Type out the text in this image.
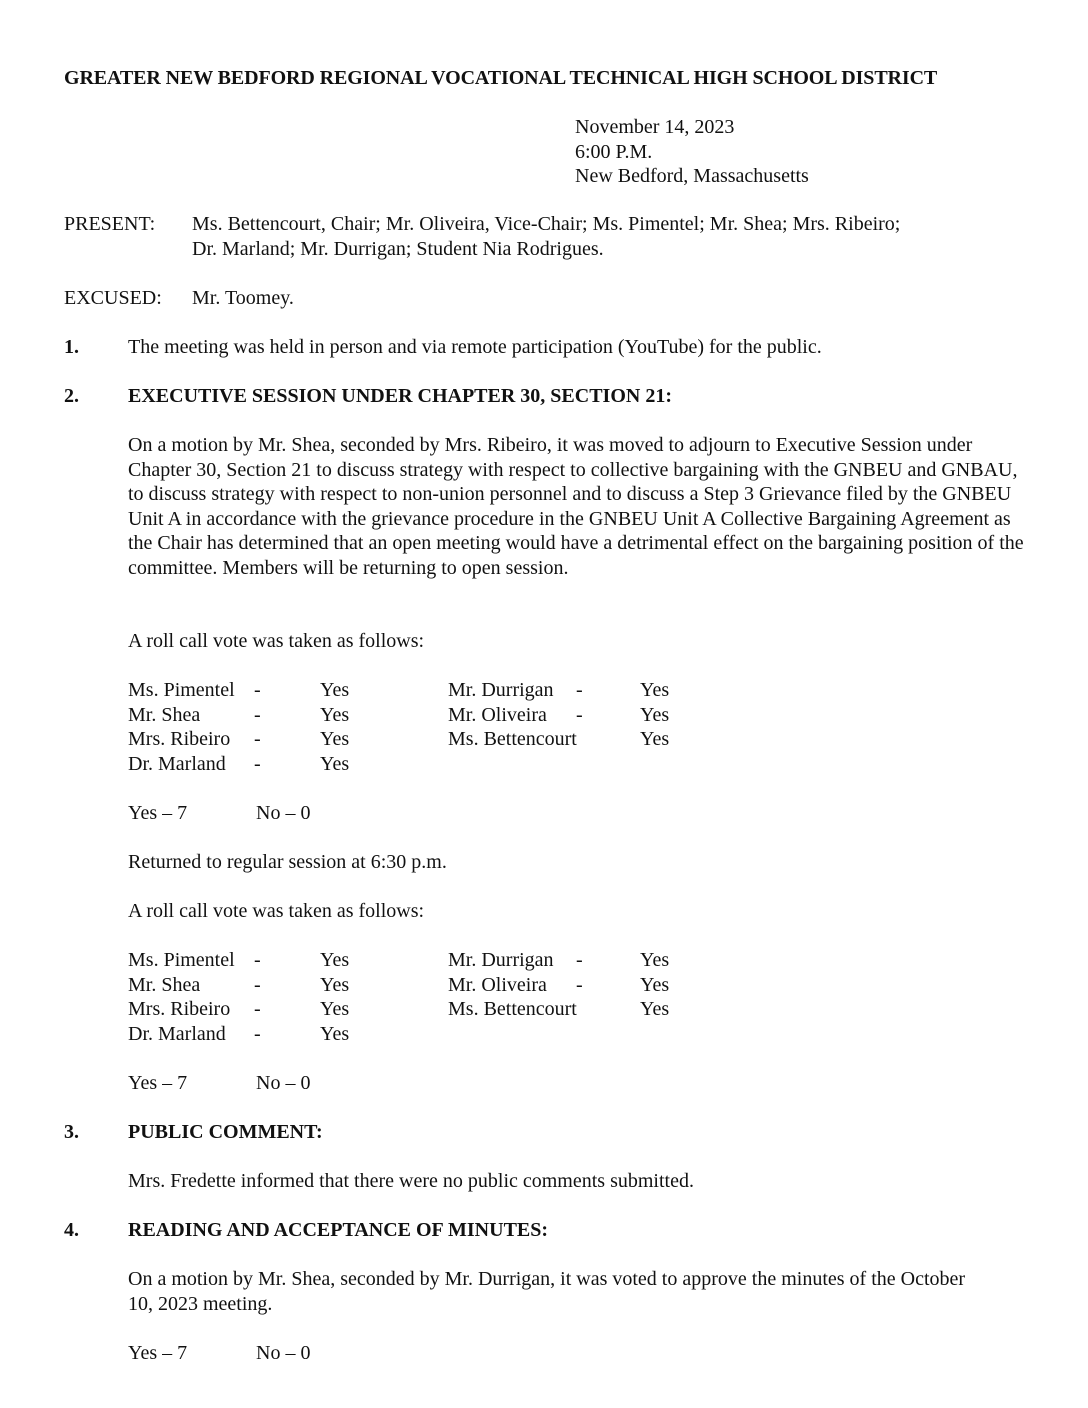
GREATER NEW BEDFORD REGIONAL VOCATIONAL TECHNICAL HIGH SCHOOL DISTRICT
November 14, 2023
6:00 P.M.
New Bedford, Massachusetts
PRESENT: Ms. Bettencourt, Chair; Mr. Oliveira, Vice-Chair; Ms. Pimentel; Mr. Shea; Mrs. Ribeiro;
Dr. Marland; Mr. Durrigan; Student Nia Rodrigues.
EXCUSED: Mr. Toomey.
1. The meeting was held in person and via remote participation (YouTube) for the public.
2. EXECUTIVE SESSION UNDER CHAPTER 30, SECTION 21:
On a motion by Mr. Shea, seconded by Mrs. Ribeiro, it was moved to adjourn to Executive Session under Chapter 30, Section 21 to discuss strategy with respect to collective bargaining with the GNBEU and GNBAU, to discuss strategy with respect to non-union personnel and to discuss a Step 3 Grievance filed by the GNBEU Unit A in accordance with the grievance procedure in the GNBEU Unit A Collective Bargaining Agreement as the Chair has determined that an open meeting would have a detrimental effect on the bargaining position of the committee. Members will be returning to open session.
A roll call vote was taken as follows:
Ms. Pimentel -	Yes	Mr. Durrigan -	Yes
Mr. Shea	-	Yes	Mr. Oliveira -	Yes
Mrs. Ribeiro -	Yes	Ms. Bettencourt	Yes
Dr. Marland -	Yes
Yes – 7	No – 0
Returned to regular session at 6:30 p.m.
A roll call vote was taken as follows:
Ms. Pimentel -	Yes	Mr. Durrigan -	Yes
Mr. Shea	-	Yes	Mr. Oliveira -	Yes
Mrs. Ribeiro -	Yes	Ms. Bettencourt	Yes
Dr. Marland -	Yes
Yes – 7	No – 0
3. PUBLIC COMMENT:
Mrs. Fredette informed that there were no public comments submitted.
4. READING AND ACCEPTANCE OF MINUTES:
On a motion by Mr. Shea, seconded by Mr. Durrigan, it was voted to approve the minutes of the October 10, 2023 meeting.
Yes – 7	No – 0
